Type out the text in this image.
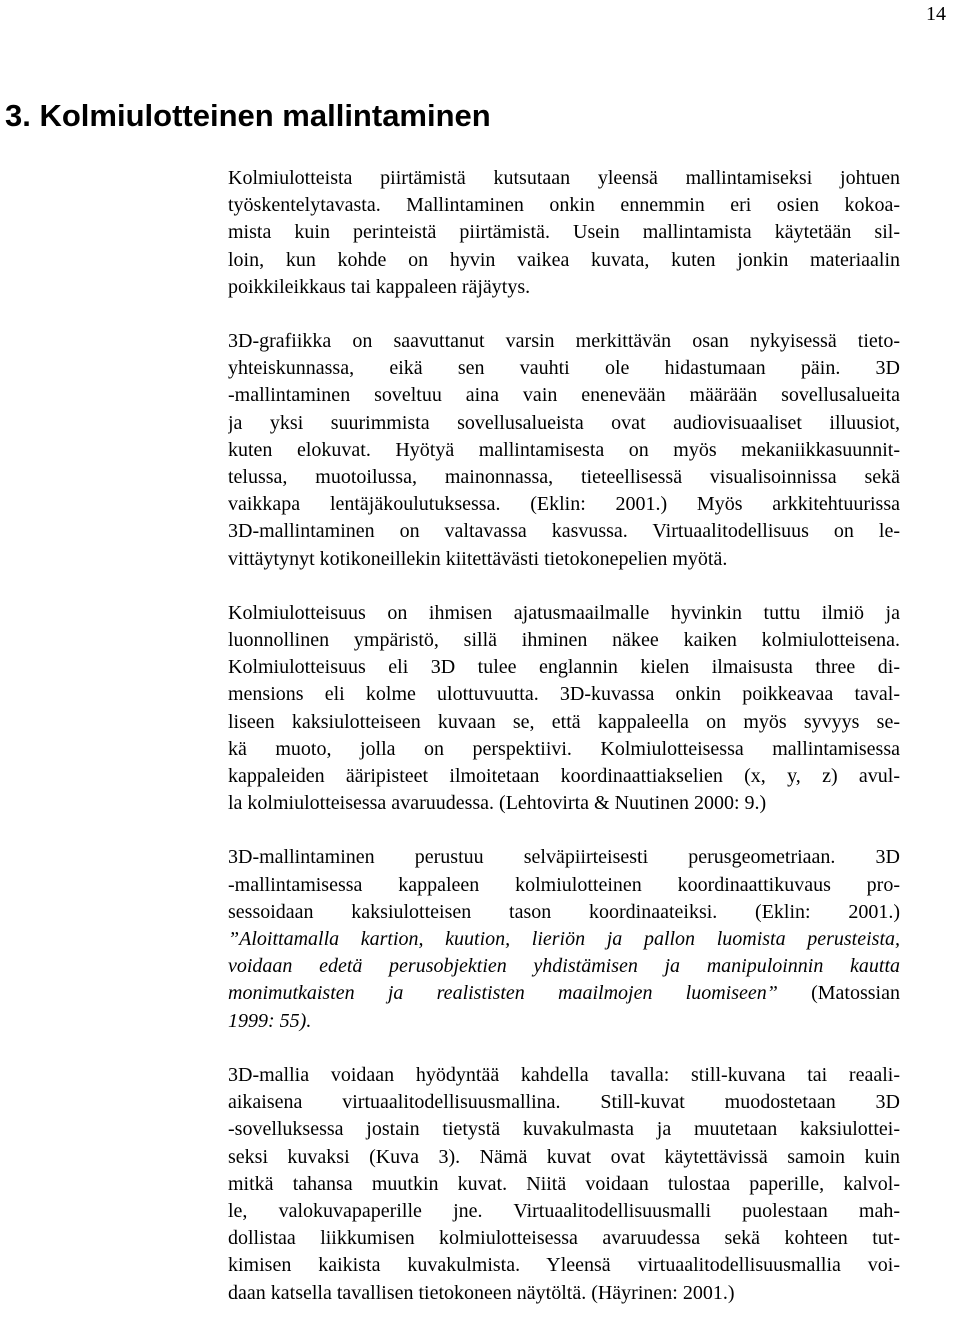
14
3. Kolmiulotteinen mallintaminen

Kolmiulotteista piirtämistä kutsutaan yleensä mallintamiseksi johtuen
työskentelytavasta. Mallintaminen onkin ennemmin eri osien kokoa-
mista kuin perinteistä piirtämistä. Usein mallintamista käytetään sil-
loin, kun kohde on hyvin vaikea kuvata, kuten jonkin materiaalin
poikkileikkaus tai kappaleen räjäytys.

3D-grafiikka on saavuttanut varsin merkittävän osan nykyisessä tieto-
yhteiskunnassa, eikä sen vauhti ole hidastumaan päin. 3D
-mallintaminen soveltuu aina vain enenevään määrään sovellusalueita
ja yksi suurimmista sovellusalueista ovat audiovisuaaliset illuusiot,
kuten elokuvat. Hyötyä mallintamisesta on myös mekaniikkasuunnit-
telussa, muotoilussa, mainonnassa, tieteellisessä visualisoinnissa sekä
vaikkapa lentäjäkoulutuksessa. (Eklin: 2001.) Myös arkkitehtuurissa
3D-mallintaminen on valtavassa kasvussa. Virtuaalitodellisuus on le-
vittäytynyt kotikoneillekin kiitettävästi tietokonepelien myötä.

Kolmiulotteisuus on ihmisen ajatusmaailmalle hyvinkin tuttu ilmiö ja
luonnollinen ympäristö, sillä ihminen näkee kaiken kolmiulotteisena.
Kolmiulotteisuus eli 3D tulee englannin kielen ilmaisusta three di-
mensions eli kolme ulottuvuutta. 3D-kuvassa onkin poikkeavaa taval-
liseen kaksiulotteiseen kuvaan se, että kappaleella on myös syvyys se-
kä muoto, jolla on perspektiivi. Kolmiulotteisessa mallintamisessa
kappaleiden ääripisteet ilmoitetaan koordinaattiakselien (x, y, z) avul-
la kolmiulotteisessa avaruudessa. (Lehtovirta & Nuutinen 2000: 9.)

3D-mallintaminen perustuu selväpiirteisesti perusgeometriaan. 3D
-mallintamisessa kappaleen kolmiulotteinen koordinaattikuvaus pro-
sessoidaan kaksiulotteisen tason koordinaateiksi. (Eklin: 2001.)
”Aloittamalla kartion, kuution, lieriön ja pallon luomista perusteista,
voidaan edetä perusobjektien yhdistämisen ja manipuloinnin kautta
monimutkaisten ja realististen maailmojen luomiseen” (Matossian
1999: 55).

3D-mallia voidaan hyödyntää kahdella tavalla: still-kuvana tai reaali-
aikaisena virtuaalitodellisuusmallina. Still-kuvat muodostetaan 3D
-sovelluksessa jostain tietystä kuvakulmasta ja muutetaan kaksiulottei-
seksi kuvaksi (Kuva 3). Nämä kuvat ovat käytettävissä samoin kuin
mitkä tahansa muutkin kuvat. Niitä voidaan tulostaa paperille, kalvol-
le, valokuvapaperille jne. Virtuaalitodellisuusmalli puolestaan mah-
dollistaa liikkumisen kolmiulotteisessa avaruudessa sekä kohteen tut-
kimisen kaikista kuvakulmista. Yleensä virtuaalitodellisuusmallia voi-
daan katsella tavallisen tietokoneen näytöltä. (Häyrinen: 2001.)
